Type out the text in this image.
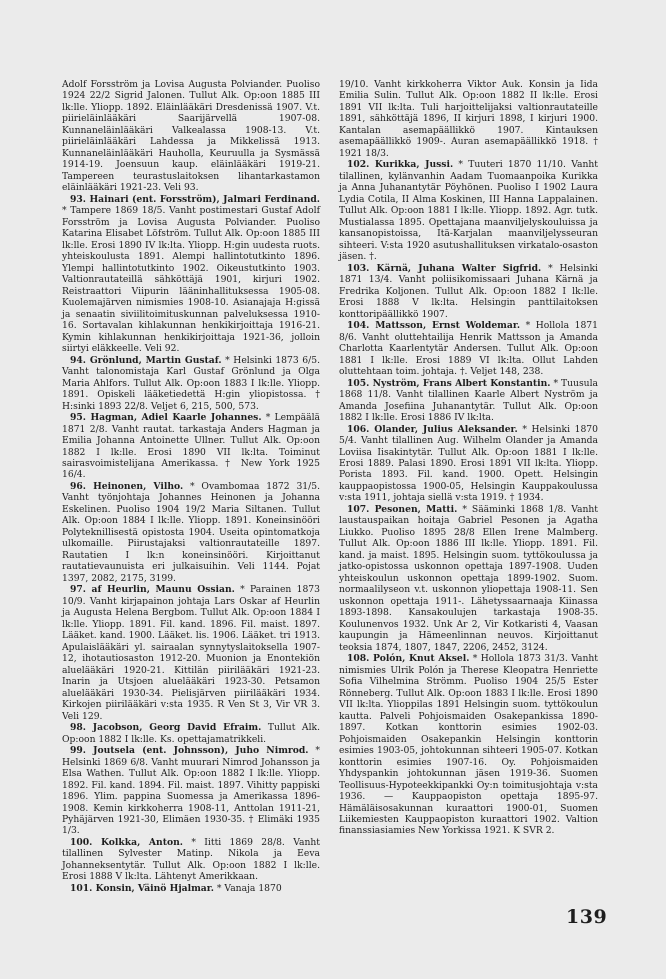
Adolf Forsström ja Lovisa Augusta Polviander. Puoliso 1924 22/2 Sigrid Jalonen. Tullut Alk. Op:oon 1885 III lk:lle. Yliopp. 1892. Eläinlääkäri Dresdenissä 1907. V.t. piirieläinlääkäri Saarijärvellä 1907-08. Kunnaneläinlääkäri Valkealassa 1908-13. V.t. piirieläinlääkäri Lahdessa ja Mikkelissä 1913. Kunnaneläinlääkäri Hauholla, Keuruulla ja Sysmässä 1914-19. Joensuun kaup. eläinlääkäri 1919-21. Tampereen teurastuslaitoksen lihantarkastamon eläinlääkäri 1921-23. Veli 93.

93. Hainari (ent. Forsström), Jalmari Ferdinand. * Tampere 1869 18/5. Vanht postimestari Gustaf Adolf Forsström ja Lovisa Augusta Polviander. Puoliso Katarina Elisabet Löfström. Tullut Alk. Op:oon 1885 III lk:lle. Erosi 1890 IV lk:lta. Yliopp. H:gin uudesta ruots. yhteiskoulusta 1891. Alempi hallintotutkinto 1896. Ylempi hallintotutkinto 1902. Oikeustutkinto 1903. Valtionrautateillä sähköttäjä 1901, kirjuri 1902. Reistraattori Viipurin lääninhallituksessa 1905-08. Kuolemajärven nimismies 1908-10. Asianajaja H:gissä ja senaatin siviilitoimituskunnan palveluksessa 1910-16. Sortavalan kihlakunnan henkikirjoittaja 1916-21. Kymin kihlakunnan henkikirjoittaja 1921-36, jolloin siirtyi eläkkeelle. Veli 92.

94. Grönlund, Martin Gustaf. * Helsinki 1873 6/5. Vanht talonomistaja Karl Gustaf Grönlund ja Olga Maria Ahlfors. Tullut Alk. Op:oon 1883 I lk:lle. Yliopp. 1891. Opiskeli lääketiedettä H:gin yliopistossa. † H:sinki 1893 22/8. Veljet 6, 215, 500, 573.

95. Hagman, Adiel Kaarle Johannes. * Lempäälä 1871 2/8. Vanht rautat. tarkastaja Anders Hagman ja Emilia Johanna Antoinette Ullner. Tullut Alk. Op:oon 1882 I lk:lle. Erosi 1890 VII lk:lta. Toiminut sairasvoimistelijana Amerikassa. † New York 1925 16/4.

96. Heinonen, Vilho. * Ovambomaa 1872 31/5. Vanht työnjohtaja Johannes Heinonen ja Johanna Eskelinen. Puoliso 1904 19/2 Maria Siltanen. Tullut Alk. Op:oon 1884 I lk:lle. Yliopp. 1891. Koneinsinööri Polyteknillisestä opistosta 1904. Useita opintomatkoja ulkomaille. Piirustajaksi valtionrautateille 1897. Rautatien I lk:n koneinsinööri. Kirjoittanut rautatievaunuista eri julkaisuihin. Veli 1144. Pojat 1397, 2082, 2175, 3199.

97. af Heurlin, Maunu Ossian. * Parainen 1873 10/9. Vanht kirjapainon johtaja Lars Oskar af Heurlin ja Augusta Helena Bergbom. Tullut Alk. Op:oon 1884 I lk:lle. Yliopp. 1891. Fil. kand. 1896. Fil. maist. 1897. Lääket. kand. 1900. Lääket. lis. 1906. Lääket. tri 1913. Apulaislääkäri yl. sairaalan synnytyslaitoksella 1907-12, ihotautiosaston 1912-20. Muonion ja Enontekiön aluelääkäri 1920-21. Kittilän piirilääkäri 1921-23. Inarin ja Utsjoen aluelääkäri 1923-30. Petsamon aluelääkäri 1930-34. Pielisjärven piirilääkäri 1934. Kirkojen piirilääkäri v:sta 1935. R Ven St 3, Vir VR 3. Veli 129.

98. Jacobson, Georg David Efraim. Tullut Alk. Op:oon 1882 I lk:lle. Ks. opettajamatrikkeli.

99. Joutsela (ent. Johnsson), Juho Nimrod. * Helsinki 1869 6/8. Vanht muurari Nimrod Johansson ja Elsa Wathen. Tullut Alk. Op:oon 1882 I lk:lle. Yliopp. 1892. Fil. kand. 1894. Fil. maist. 1897. Vihitty pappiski 1896. Ylim. pappina Suomessa ja Amerikassa 1896-1908. Kemin kirkkoherra 1908-11, Anttolan 1911-21, Pyhäjärven 1921-30, Elimäen 1930-35. † Elimäki 1935 1/3.

100. Kolkka, Anton. * Iitti 1869 28/8. Vanht tilallinen Sylvester Matinp. Nikola ja Eeva Johanneksentytär. Tullut Alk. Op:oon 1882 I lk:lle. Erosi 1888 V lk:lta. Lähtenyt Amerikkaan.

101. Konsin, Väinö Hjalmar. * Vanaja 1870

19/10. Vanht kirkkoherra Viktor Auk. Konsin ja Iida Emilia Sulin. Tullut Alk. Op:oon 1882 II lk:lle. Erosi 1891 VII lk:lta. Tuli harjoittelijaksi valtionrautateille 1891, sähköttäjä 1896, II kirjuri 1898, I kirjuri 1900. Kantalan asemapäällikkö 1907. Kintauksen asemapäällikkö 1909-. Auran asemapäällikkö 1918. † 1921 18/3.

102. Kurikka, Jussi. * Tuuteri 1870 11/10. Vanht tilallinen, kylänvanhin Aadam Tuomaanpoika Kurikka ja Anna Juhanantytär Pöyhönen. Puoliso I 1902 Laura Lydia Cotila, II Alma Koskinen, III Hanna Lappalainen. Tullut Alk. Op:oon 1881 I lk:lle. Yliopp. 1892. Agr. tutk. Mustialassa 1895. Opettajana maanviljelyskouluissa ja kansanopistoissa, Itä-Karjalan maanviljelysseuran sihteeri. V:sta 1920 asutushallituksen virkatalo-osaston jäsen. †.

103. Kärnä, Juhana Walter Sigfrid. * Helsinki 1871 13/4. Vanht poliisikomissaari Juhana Kärnä ja Fredrika Koljonen. Tullut Alk. Op:oon 1882 I lk:lle. Erosi 1888 V lk:lta. Helsingin panttilaitoksen konttoripäällikkö 1907.

104. Mattsson, Ernst Woldemar. * Hollola 1871 8/6. Vanht oluttehtailija Henrik Mattsson ja Amanda Charlotta Kaarlentytär Andersen. Tullut Alk. Op:oon 1881 I lk:lle. Erosi 1889 VI lk:lta. Ollut Lahden oluttehtaan toim. johtaja. †. Veljet 148, 238.

105. Nyström, Frans Albert Konstantin. * Tuusula 1868 11/8. Vanht tilallinen Kaarle Albert Nyström ja Amanda Josefiina Juhanantytär. Tullut Alk. Op:oon 1882 I lk:lle. Erosi 1886 IV lk:lta.

106. Olander, Julius Aleksander. * Helsinki 1870 5/4. Vanht tilallinen Aug. Wilhelm Olander ja Amanda Loviisa Iisakintytär. Tullut Alk. Op:oon 1881 I lk:lle. Erosi 1889. Palasi 1890. Erosi 1891 VII lk:lta. Yliopp. Porista 1893. Fil. kand. 1900. Opett. Helsingin kauppaopistossa 1900-05, Helsingin Kauppakoulussa v:sta 1911, johtaja siellä v:sta 1919. † 1934.

107. Pesonen, Matti. * Sääminki 1868 1/8. Vanht laustauspaikan hoitaja Gabriel Pesonen ja Agatha Liukko. Puoliso 1895 28/8 Ellen Irene Malmberg. Tullut Alk. Op:oon 1886 III lk:lle. Yliopp. 1891. Fil. kand. ja maist. 1895. Helsingin suom. tyttökoulussa ja jatko-opistossa uskonnon opettaja 1897-1908. Uuden yhteiskoulun uskonnon opettaja 1899-1902. Suom. normaalilyseon v.t. uskonnon yliopettaja 1908-11. Sen uskonnon opettaja 1911-. Lähetyssaarnaaja Kiinassa 1893-1898. Kansakoulujen tarkastaja 1908-35. Koulunenvos 1932. Unk Ar 2, Vir Kotkaristi 4, Vaasan kaupungin ja Hämeenlinnan neuvos. Kirjoittanut teoksia 1874, 1807, 1847, 2206, 2452, 3124.

108. Polón, Knut Aksel. * Hollola 1873 31/3. Vanht nimismies Ulrik Polón ja Therese Kleopatra Henriette Sofia Vilhelmina Strömm. Puoliso 1904 25/5 Ester Rönneberg. Tullut Alk. Op:oon 1883 I lk:lle. Erosi 1890 VII lk:lta. Ylioppilas 1891 Helsingin suom. tyttökoulun kautta. Palveli Pohjoismaiden Osakepankissa 1890-1897. Kotkan konttorin esimies 1902-03. Pohjoismaiden Osakepankin Helsingin konttorin esimies 1903-05, johtokunnan sihteeri 1905-07. Kotkan konttorin esimies 1907-16. Oy. Pohjoismaiden Yhdyspankin johtokunnan jäsen 1919-36. Suomen Teollisuus-Hypoteekkipankki Oy:n toimitusjohtaja v:sta 1936. — Kauppaopiston opettaja 1895-97. Hämäläisosakunnan kuraattori 1900-01, Suomen Liikemiesten Kauppaopiston kuraattori 1902. Valtion finanssiasiamies New Yorkissa 1921. K SVR 2.

139
